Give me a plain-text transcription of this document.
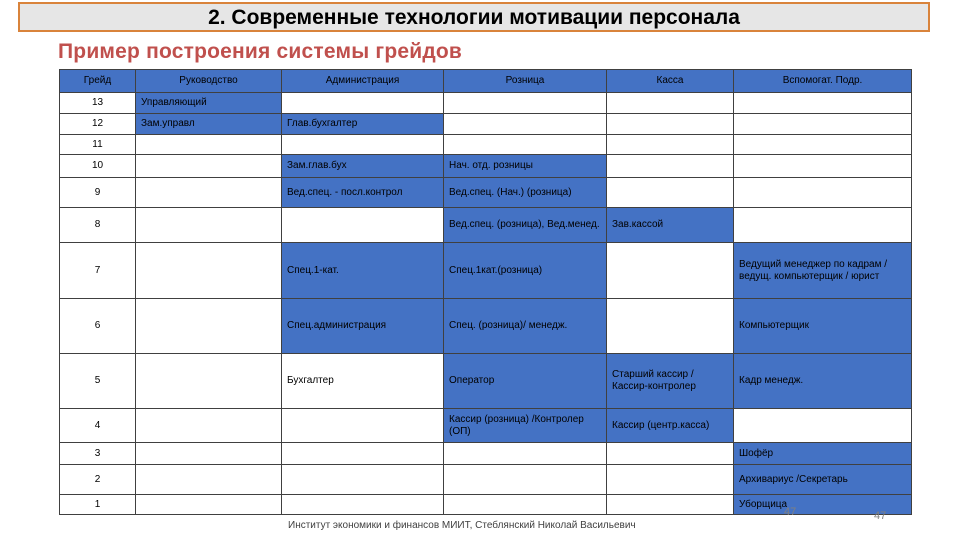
2. Современные технологии мотивации персонала
Пример построения системы грейдов
Грейд	Руководство	Администрация	Розница	Касса	Вспомогат. Подр.
13	Управляющий				
12	Зам.управл	Глав.бухгалтер			
11					
10		Зам.глав.бух	Нач. отд. розницы		
9		Вед.спец. - посл.контрол	Вед.спец. (Нач.) (розница)		
8			Вед.спец. (розница), Вед.менед.	Зав.кассой	
7		Спец.1-кат.	Спец.1кат.(розница)		Ведущий менеджер по кадрам / ведущ. компьютерщик / юрист
6		Спец.администрация	Спец. (розница)/ менедж.		Компьютерщик
5		Бухгалтер	Оператор	Старший кассир / Кассир-контролер	Кадр менедж.
4			Кассир (розница) /Контролер (ОП)	Кассир (центр.касса)	
3					Шофёр
2					Архивариус /Секретарь
1					Уборщица
Институт экономики и финансов МИИТ, Стеблянский Николай Васильевич
47	47
